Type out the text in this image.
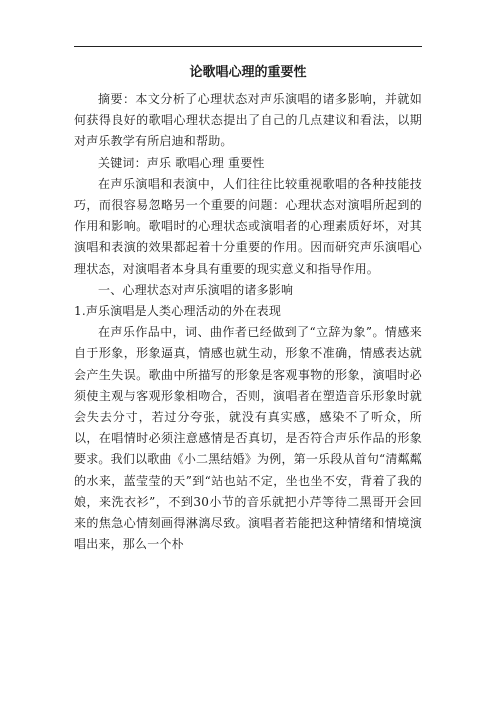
论歌唱心理的重要性

摘要：本文分析了心理状态对声乐演唱的诸多影响，并就如何获得良好的歌唱心理状态提出了自己的几点建议和看法，以期对声乐教学有所启迪和帮助。

关键词：声乐 歌唱心理 重要性

在声乐演唱和表演中，人们往往比较重视歌唱的各种技能技巧，而很容易忽略另一个重要的问题：心理状态对演唱所起到的作用和影响。歌唱时的心理状态或演唱者的心理素质好坏，对其演唱和表演的效果都起着十分重要的作用。因而研究声乐演唱心理状态，对演唱者本身具有重要的现实意义和指导作用。

一、心理状态对声乐演唱的诸多影响

1.声乐演唱是人类心理活动的外在表现

在声乐作品中，词、曲作者已经做到了“立辞为象”。情感来自于形象，形象逼真，情感也就生动，形象不准确，情感表达就会产生失误。歌曲中所描写的形象是客观事物的形象，演唱时必须使主观与客观形象相吻合，否则，演唱者在塑造音乐形象时就会失去分寸，若过分夸张，就没有真实感，感染不了听众，所以，在唱情时必须注意感情是否真切，是否符合声乐作品的形象要求。我们以歌曲《小二黑结婚》为例，第一乐段从首句“清粼粼的水来，蓝莹莹的天”到“站也站不定，坐也坐不安，背着了我的娘，来洗衣衫”，不到30小节的音乐就把小芹等待二黑哥开会回来的焦急心情刻画得淋漓尽致。演唱者若能把这种情绪和情境演唱出来，那么一个朴
